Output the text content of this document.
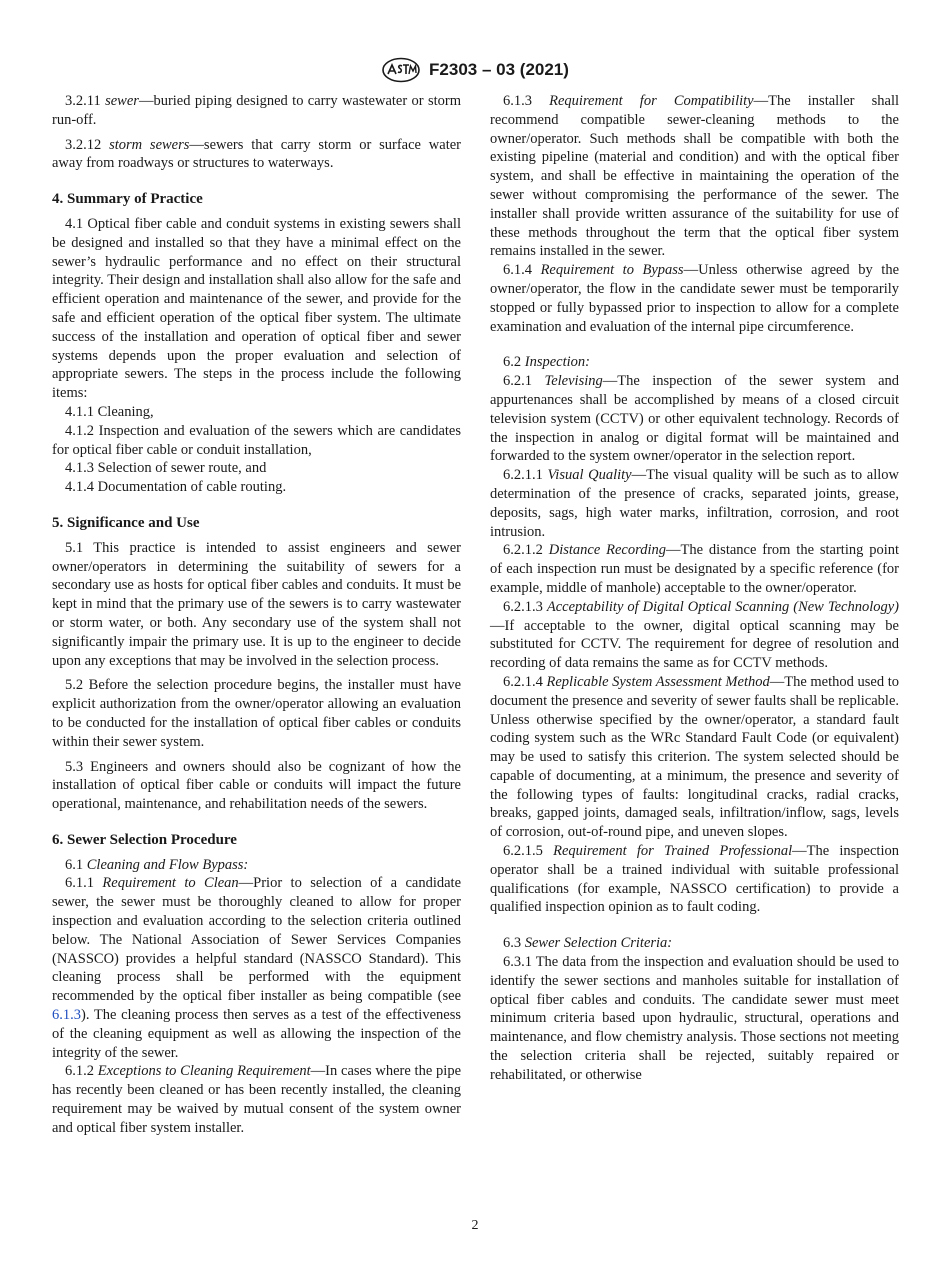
F2303 – 03 (2021)

3.2.11 sewer—buried piping designed to carry wastewater or storm run-off.

3.2.12 storm sewers—sewers that carry storm or surface water away from roadways or structures to waterways.

4. Summary of Practice

4.1 Optical fiber cable and conduit systems in existing sewers shall be designed and installed so that they have a minimal effect on the sewer’s hydraulic performance and no effect on their structural integrity. Their design and installation shall also allow for the safe and efficient operation and maintenance of the sewer, and provide for the safe and efficient operation of the optical fiber system. The ultimate success of the installation and operation of optical fiber and sewer systems depends upon the proper evaluation and selection of appropriate sewers. The steps in the process include the following items:

4.1.1 Cleaning,

4.1.2 Inspection and evaluation of the sewers which are candidates for optical fiber cable or conduit installation,

4.1.3 Selection of sewer route, and

4.1.4 Documentation of cable routing.

5. Significance and Use

5.1 This practice is intended to assist engineers and sewer owner/operators in determining the suitability of sewers for a secondary use as hosts for optical fiber cables and conduits. It must be kept in mind that the primary use of the sewers is to carry wastewater or storm water, or both. Any secondary use of the system shall not significantly impair the primary use. It is up to the engineer to decide upon any exceptions that may be involved in the selection process.

5.2 Before the selection procedure begins, the installer must have explicit authorization from the owner/operator allowing an evaluation to be conducted for the installation of optical fiber cables or conduits within their sewer system.

5.3 Engineers and owners should also be cognizant of how the installation of optical fiber cable or conduits will impact the future operational, maintenance, and rehabilitation needs of the sewers.

6. Sewer Selection Procedure

6.1 Cleaning and Flow Bypass:

6.1.1 Requirement to Clean—Prior to selection of a candidate sewer, the sewer must be thoroughly cleaned to allow for proper inspection and evaluation according to the selection criteria outlined below. The National Association of Sewer Services Companies (NASSCO) provides a helpful standard (NASSCO Standard). This cleaning process shall be performed with the equipment recommended by the optical fiber installer as being compatible (see 6.1.3). The cleaning process then serves as a test of the effectiveness of the cleaning equipment as well as allowing the inspection of the integrity of the sewer.

6.1.2 Exceptions to Cleaning Requirement—In cases where the pipe has recently been cleaned or has been recently installed, the cleaning requirement may be waived by mutual consent of the system owner and optical fiber system installer.

6.1.3 Requirement for Compatibility—The installer shall recommend compatible sewer-cleaning methods to the owner/operator. Such methods shall be compatible with both the existing pipeline (material and condition) and with the optical fiber system, and shall be effective in maintaining the operation of the sewer without compromising the performance of the sewer. The installer shall provide written assurance of the suitability for use of these methods throughout the term that the optical fiber system remains installed in the sewer.

6.1.4 Requirement to Bypass—Unless otherwise agreed by the owner/operator, the flow in the candidate sewer must be temporarily stopped or fully bypassed prior to inspection to allow for a complete examination and evaluation of the internal pipe circumference.

6.2 Inspection:

6.2.1 Televising—The inspection of the sewer system and appurtenances shall be accomplished by means of a closed circuit television system (CCTV) or other equivalent technology. Records of the inspection in analog or digital format will be maintained and forwarded to the system owner/operator in the selection report.

6.2.1.1 Visual Quality—The visual quality will be such as to allow determination of the presence of cracks, separated joints, grease, deposits, sags, high water marks, infiltration, corrosion, and root intrusion.

6.2.1.2 Distance Recording—The distance from the starting point of each inspection run must be designated by a specific reference (for example, middle of manhole) acceptable to the owner/operator.

6.2.1.3 Acceptability of Digital Optical Scanning (New Technology)—If acceptable to the owner, digital optical scanning may be substituted for CCTV. The requirement for degree of resolution and recording of data remains the same as for CCTV methods.

6.2.1.4 Replicable System Assessment Method—The method used to document the presence and severity of sewer faults shall be replicable. Unless otherwise specified by the owner/operator, a standard fault coding system such as the WRc Standard Fault Code (or equivalent) may be used to satisfy this criterion. The system selected should be capable of documenting, at a minimum, the presence and severity of the following types of faults: longitudinal cracks, radial cracks, breaks, gapped joints, damaged seals, infiltration/inflow, sags, levels of corrosion, out-of-round pipe, and uneven slopes.

6.2.1.5 Requirement for Trained Professional—The inspection operator shall be a trained individual with suitable professional qualifications (for example, NASSCO certification) to provide a qualified inspection opinion as to fault coding.

6.3 Sewer Selection Criteria:

6.3.1 The data from the inspection and evaluation should be used to identify the sewer sections and manholes suitable for installation of optical fiber cables and conduits. The candidate sewer must meet minimum criteria based upon hydraulic, structural, operations and maintenance, and flow chemistry analysis. Those sections not meeting the selection criteria shall be rejected, suitably repaired or rehabilitated, or otherwise

2
